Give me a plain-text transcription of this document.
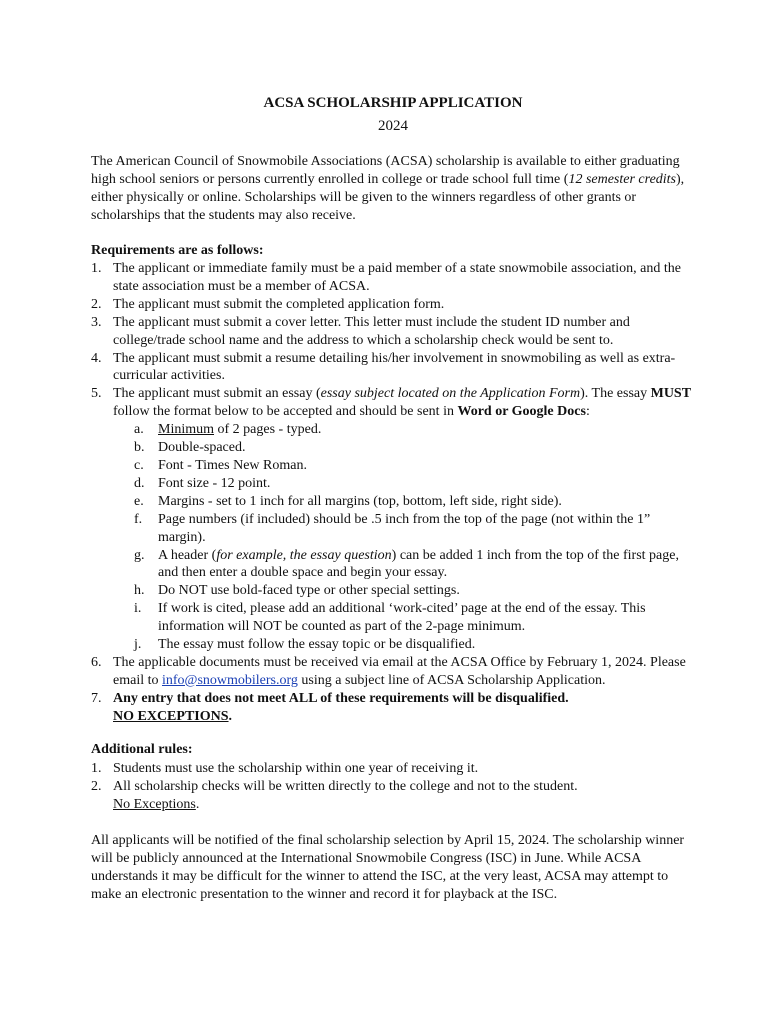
ACSA SCHOLARSHIP APPLICATION
2024

The American Council of Snowmobile Associations (ACSA) scholarship is available to either graduating high school seniors or persons currently enrolled in college or trade school full time (12 semester credits), either physically or online. Scholarships will be given to the winners regardless of other grants or scholarships that the students may also receive.

Requirements are as follows:
1. The applicant or immediate family must be a paid member of a state snowmobile association, and the state association must be a member of ACSA.
2. The applicant must submit the completed application form.
3. The applicant must submit a cover letter. This letter must include the student ID number and college/trade school name and the address to which a scholarship check would be sent to.
4. The applicant must submit a resume detailing his/her involvement in snowmobiling as well as extra-curricular activities.
5. The applicant must submit an essay (essay subject located on the Application Form). The essay MUST follow the format below to be accepted and should be sent in Word or Google Docs:
a. Minimum of 2 pages - typed.
b. Double-spaced.
c. Font - Times New Roman.
d. Font size - 12 point.
e. Margins - set to 1 inch for all margins (top, bottom, left side, right side).
f. Page numbers (if included) should be .5 inch from the top of the page (not within the 1” margin).
g. A header (for example, the essay question) can be added 1 inch from the top of the first page, and then enter a double space and begin your essay.
h. Do NOT use bold-faced type or other special settings.
i. If work is cited, please add an additional ‘work-cited’ page at the end of the essay. This information will NOT be counted as part of the 2-page minimum.
j. The essay must follow the essay topic or be disqualified.
6. The applicable documents must be received via email at the ACSA Office by February 1, 2024. Please email to info@snowmobilers.org using a subject line of ACSA Scholarship Application.
7. Any entry that does not meet ALL of these requirements will be disqualified.
NO EXCEPTIONS.
Additional rules:
1. Students must use the scholarship within one year of receiving it.
2. All scholarship checks will be written directly to the college and not to the student.
No Exceptions.

All applicants will be notified of the final scholarship selection by April 15, 2024. The scholarship winner will be publicly announced at the International Snowmobile Congress (ISC) in June. While ACSA understands it may be difficult for the winner to attend the ISC, at the very least, ACSA may attempt to make an electronic presentation to the winner and record it for playback at the ISC.
